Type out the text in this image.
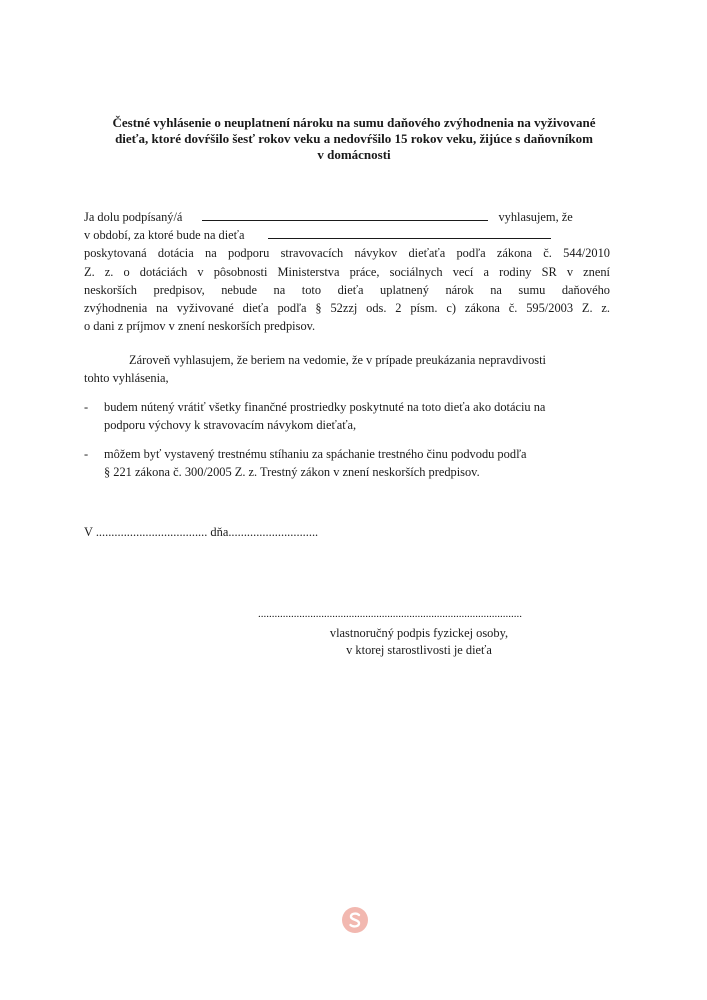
Čestné vyhlásenie o neuplatnení nároku na sumu daňového zvýhodnenia na vyživované
dieťa, ktoré dovŕšilo šesť rokov veku a nedovŕšilo 15 rokov veku, žijúce s daňovníkom
v domácnosti
Ja dolu podpísaný/á	vyhlasujem, že
v období, za ktoré bude na dieťa
poskytovaná dotácia na podporu stravovacích návykov dieťaťa podľa zákona č. 544/2010
Z. z. o dotáciách v pôsobnosti Ministerstva práce, sociálnych vecí a rodiny SR v znení
neskorších predpisov, nebude na toto dieťa uplatnený nárok na sumu daňového
zvýhodnenia na vyživované dieťa podľa § 52zzj ods. 2 písm. c) zákona č. 595/2003 Z. z.
o dani z príjmov v znení neskorších predpisov.
Zároveň vyhlasujem, že beriem na vedomie, že v prípade preukázania nepravdivosti
tohto vyhlásenia,
- budem nútený vrátiť všetky finančné prostriedky poskytnuté na toto dieťa ako dotáciu na
podporu výchovy k stravovacím návykom dieťaťa,
- môžem byť vystavený trestnému stíhaniu za spáchanie trestného činu podvodu podľa
§ 221 zákona č. 300/2005 Z. z. Trestný zákon v znení neskorších predpisov.
V .................................... dňa.............................
................................................................................................
vlastnoručný podpis fyzickej osoby,
v ktorej starostlivosti je dieťa
